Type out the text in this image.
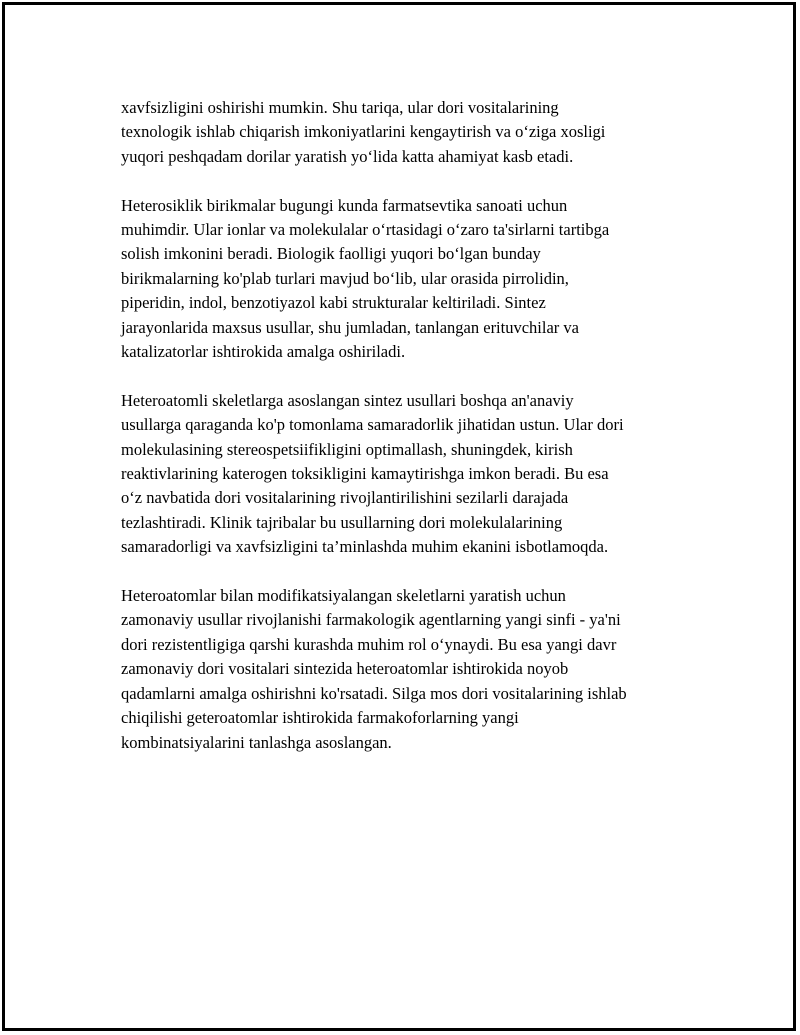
xavfsizligini oshirishi mumkin. Shu tariqa, ular dori vositalarining
texnologik ishlab chiqarish imkoniyatlarini kengaytirish va o‘ziga xosligi
yuqori peshqadam dorilar yaratish yo‘lida katta ahamiyat kasb etadi.

Heterosiklik birikmalar bugungi kunda farmatsevtika sanoati uchun
muhimdir. Ular ionlar va molekulalar o‘rtasidagi o‘zaro ta'sirlarni tartibga
solish imkonini beradi. Biologik faolligi yuqori bo‘lgan bunday
birikmalarning ko'plab turlari mavjud bo‘lib, ular orasida pirrolidin,
piperidin, indol, benzotiyazol kabi strukturalar keltiriladi. Sintez
jarayonlarida maxsus usullar, shu jumladan, tanlangan erituvchilar va
katalizatorlar ishtirokida amalga oshiriladi.

Heteroatomli skeletlarga asoslangan sintez usullari boshqa an'anaviy
usullarga qaraganda ko'p tomonlama samaradorlik jihatidan ustun. Ular dori
molekulasining stereospetsiifikligini optimallash, shuningdek, kirish
reaktivlarining katerogen toksikligini kamaytirishga imkon beradi. Bu esa
o‘z navbatida dori vositalarining rivojlantirilishini sezilarli darajada
tezlashtiradi. Klinik tajribalar bu usullarning dori molekulalarining
samaradorligi va xavfsizligini ta’minlashda muhim ekanini isbotlamoqda.

Heteroatomlar bilan modifikatsiyalangan skeletlarni yaratish uchun
zamonaviy usullar rivojlanishi farmakologik agentlarning yangi sinfi - ya'ni
dori rezistentligiga qarshi kurashda muhim rol o‘ynaydi. Bu esa yangi davr
zamonaviy dori vositalari sintezida heteroatomlar ishtirokida noyob
qadamlarni amalga oshirishni ko'rsatadi. Silga mos dori vositalarining ishlab
chiqilishi geteroatomlar ishtirokida farmakoforlarning yangi
kombinatsiyalarini tanlashga asoslangan.
